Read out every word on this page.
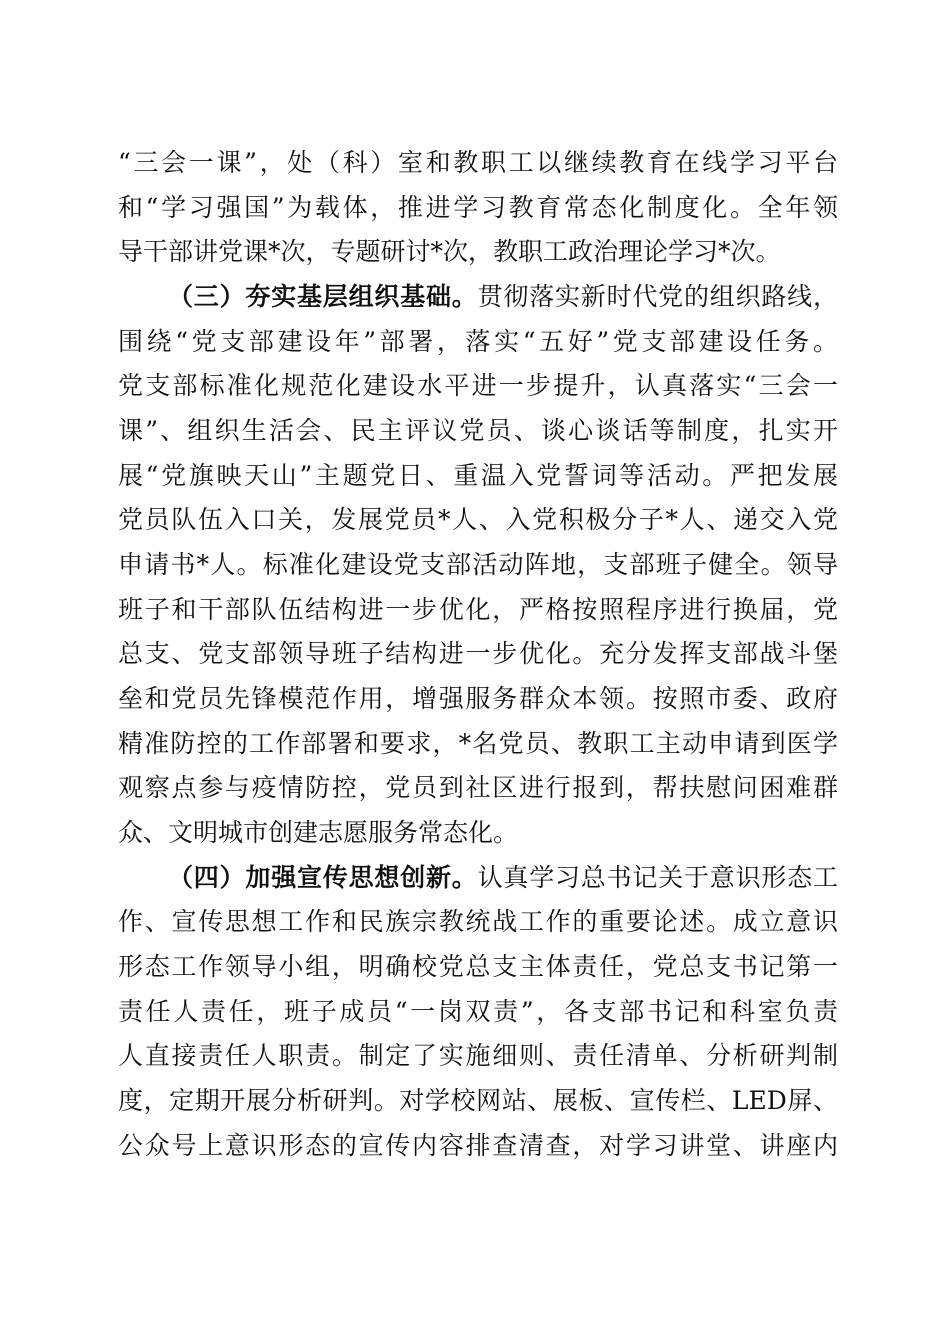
“三会一课”，处（科）室和教职工以继续教育在线学习平台
和“学习强国”为载体，推进学习教育常态化制度化。全年领
导干部讲党课*次，专题研讨*次，教职工政治理论学习*次。
（三）夯实基层组织基础。贯彻落实新时代党的组织路线，
围绕“党支部建设年”部署，落实“五好”党支部建设任务。
党支部标准化规范化建设水平进一步提升，认真落实“三会一
课”、组织生活会、民主评议党员、谈心谈话等制度，扎实开
展“党旗映天山”主题党日、重温入党誓词等活动。严把发展
党员队伍入口关，发展党员*人、入党积极分子*人、递交入党
申请书*人。标准化建设党支部活动阵地，支部班子健全。领导
班子和干部队伍结构进一步优化，严格按照程序进行换届，党
总支、党支部领导班子结构进一步优化。充分发挥支部战斗堡
垒和党员先锋模范作用，增强服务群众本领。按照市委、政府
精准防控的工作部署和要求，*名党员、教职工主动申请到医学
观察点参与疫情防控，党员到社区进行报到，帮扶慰问困难群
众、文明城市创建志愿服务常态化。
（四）加强宣传思想创新。认真学习总书记关于意识形态工
作、宣传思想工作和民族宗教统战工作的重要论述。成立意识
形态工作领导小组，明确校党总支主体责任，党总支书记第一
责任人责任，班子成员“一岗双责”，各支部书记和科室负责
人直接责任人职责。制定了实施细则、责任清单、分析研判制
度，定期开展分析研判。对学校网站、展板、宣传栏、LED屏、
公众号上意识形态的宣传内容排查清查，对学习讲堂、讲座内
